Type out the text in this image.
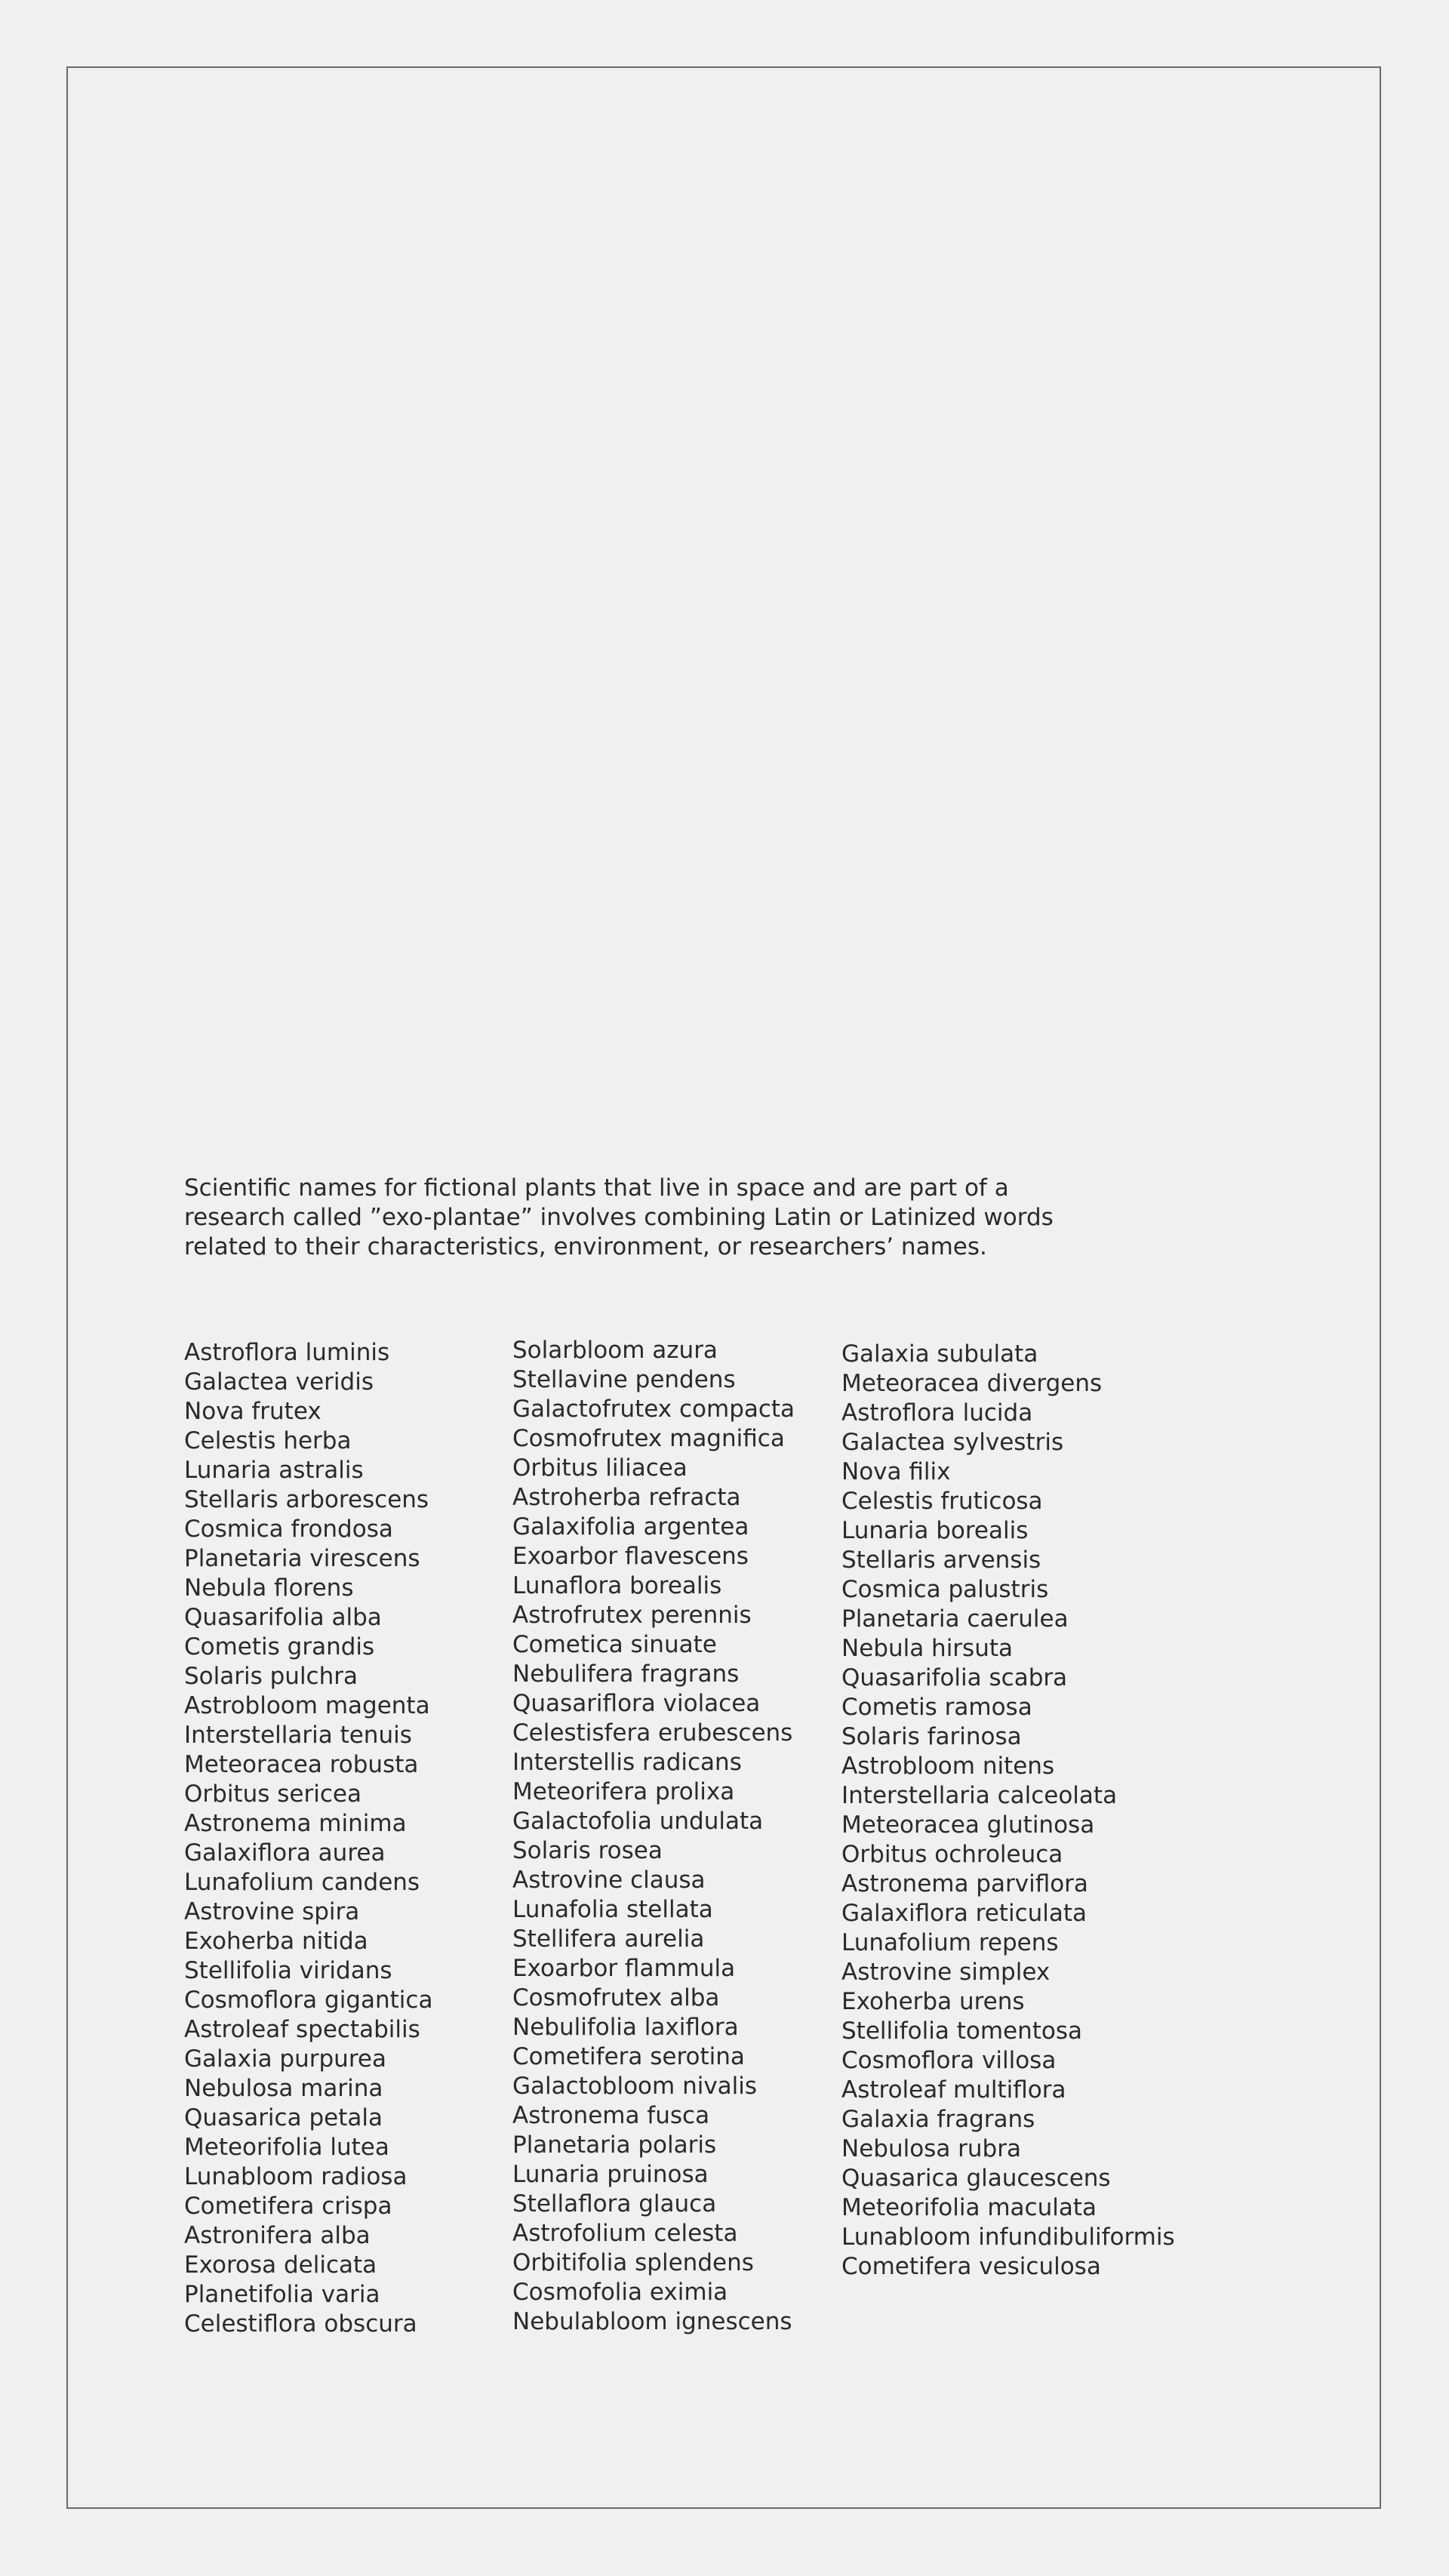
Scientific names for fictional plants that live in space and are part of a research called ”exo-plantae” involves combining Latin or Latinized words related to their characteristics, environment, or researchers’ names.

Astroflora luminis
Galactea veridis
Nova frutex
Celestis herba
Lunaria astralis
Stellaris arborescens
Cosmica frondosa
Planetaria virescens
Nebula florens
Quasarifolia alba
Cometis grandis
Solaris pulchra
Astrobloom magenta
Interstellaria tenuis
Meteoracea robusta
Orbitus sericea
Astronema minima
Galaxiflora aurea
Lunafolium candens
Astrovine spira
Exoherba nitida
Stellifolia viridans
Cosmoflora gigantica
Astroleaf spectabilis
Galaxia purpurea
Nebulosa marina
Quasarica petala
Meteorifolia lutea
Lunabloom radiosa
Cometifera crispa
Astronifera alba
Exorosa delicata
Planetifolia varia
Celestiflora obscura
Solarbloom azura
Stellavine pendens
Galactofrutex compacta
Cosmofrutex magnifica
Orbitus liliacea
Astroherba refracta
Galaxifolia argentea
Exoarbor flavescens
Lunaflora borealis
Astrofrutex perennis
Cometica sinuate
Nebulifera fragrans
Quasariflora violacea
Celestisfera erubescens
Interstellis radicans
Meteorifera prolixa
Galactofolia undulata
Solaris rosea
Astrovine clausa
Lunafolia stellata
Stellifera aurelia
Exoarbor flammula
Cosmofrutex alba
Nebulifolia laxiflora
Cometifera serotina
Galactobloom nivalis
Astronema fusca
Planetaria polaris
Lunaria pruinosa
Stellaflora glauca
Astrofolium celesta
Orbitifolia splendens
Cosmofolia eximia
Nebulabloom ignescens
Galaxia subulata
Meteoracea divergens
Astroflora lucida
Galactea sylvestris
Nova filix
Celestis fruticosa
Lunaria borealis
Stellaris arvensis
Cosmica palustris
Planetaria caerulea
Nebula hirsuta
Quasarifolia scabra
Cometis ramosa
Solaris farinosa
Astrobloom nitens
Interstellaria calceolata
Meteoracea glutinosa
Orbitus ochroleuca
Astronema parviflora
Galaxiflora reticulata
Lunafolium repens
Astrovine simplex
Exoherba urens
Stellifolia tomentosa
Cosmoflora villosa
Astroleaf multiflora
Galaxia fragrans
Nebulosa rubra
Quasarica glaucescens
Meteorifolia maculata
Lunabloom infundibuliformis
Cometifera vesiculosa
